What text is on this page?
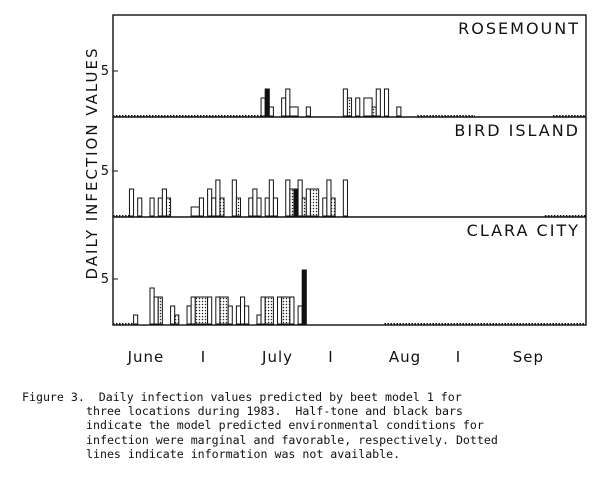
DAILY INFECTION VALUES
ROSEMOUNT
5
BIRD ISLAND
5
CLARA CITY
5
June I	July I	Aug I	Sep

Figure 3.  Daily infection values predicted by beet model 1 for
three locations during 1983.  Half-tone and black bars
indicate the model predicted environmental conditions for
infection were marginal and favorable, respectively. Dotted
lines indicate information was not available.
